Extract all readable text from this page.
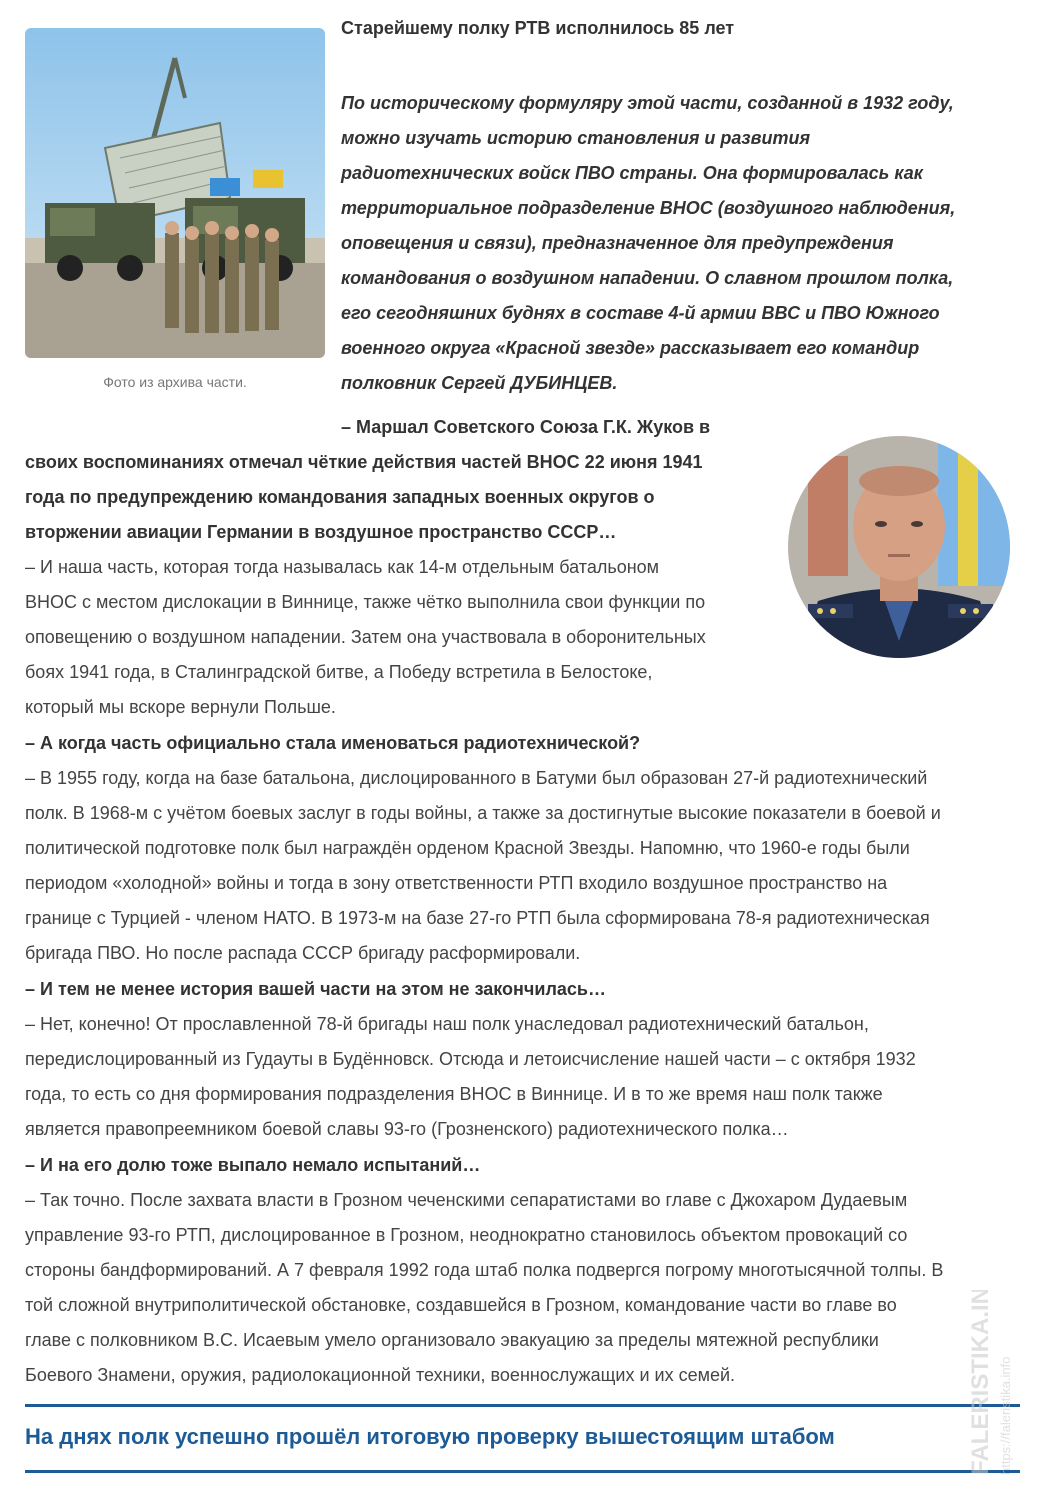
Фото из архива части.
Старейшему полку РТВ исполнилось 85 лет
По историческому формуляру этой части, созданной в 1932 году,
можно изучать историю становления и развития
радиотехнических войск ПВО страны. Она формировалась как
территориальное подразделение ВНОС (воздушного наблюдения,
оповещения и связи), предназначенное для предупреждения
командования о воздушном нападении. О славном прошлом полка,
его сегодняшних буднях в составе 4-й армии ВВС и ПВО Южного
военного округа «Красной звезде» рассказывает его командир
полковник Сергей ДУБИНЦЕВ.
– Маршал Советского Союза Г.К. Жуков в
своих воспоминаниях отмечал чёткие действия частей ВНОС 22 июня 1941
года по предупреждению командования западных военных округов о
вторжении авиации Германии в воздушное пространство СССР…
– И наша часть, которая тогда называлась как 14-м отдельным батальоном
ВНОС с местом дислокации в Виннице, также чётко выполнила свои функции по
оповещению о воздушном нападении. Затем она участвовала в оборонительных
боях 1941 года, в Сталинградской битве, а Победу встретила в Белостоке,
который мы вскоре вернули Польше.
– А когда часть официально стала именоваться радиотехнической?
– В 1955 году, когда на базе батальона, дислоцированного в Батуми был образован 27-й радиотехнический
полк. В 1968-м с учётом боевых заслуг в годы войны, а также за достигнутые высокие показатели в боевой и
политической подготовке полк был награждён орденом Красной Звезды. Напомню, что 1960-е годы были
периодом «холодной» войны и тогда в зону ответственности РТП входило воздушное пространство на
границе с Турцией - членом НАТО. В 1973-м на базе 27-го РТП была сформирована 78-я радиотехническая
бригада ПВО. Но после распада СССР бригаду расформировали.
– И тем не менее история вашей части на этом не закончилась…
– Нет, конечно! От прославленной 78-й бригады наш полк унаследовал радиотехнический батальон,
передислоцированный из Гудауты в Будённовск. Отсюда и летоисчисление нашей части – с октября 1932
года, то есть со дня формирования подразделения ВНОС в Виннице. И в то же время наш полк также
является правопреемником боевой славы 93-го (Грозненского) радиотехнического полка…
– И на его долю тоже выпало немало испытаний…
– Так точно. После захвата власти в Грозном чеченскими сепаратистами во главе с Джохаром Дудаевым
управление 93-го РТП, дислоцированное в Грозном, неоднократно становилось объектом провокаций со
стороны бандформирований. А 7 февраля 1992 года штаб полка подвергся погрому многотысячной толпы. В
той сложной внутриполитической обстановке, создавшейся в Грозном, командование части во главе во
главе с полковником В.С. Исаевым умело организовало эвакуацию за пределы мятежной республики
Боевого Знамени, оружия, радиолокационной техники, военнослужащих и их семей.
На днях полк успешно прошёл итоговую проверку вышестоящим штабом	FALERISTIKA.INFO https://faleristika.info
